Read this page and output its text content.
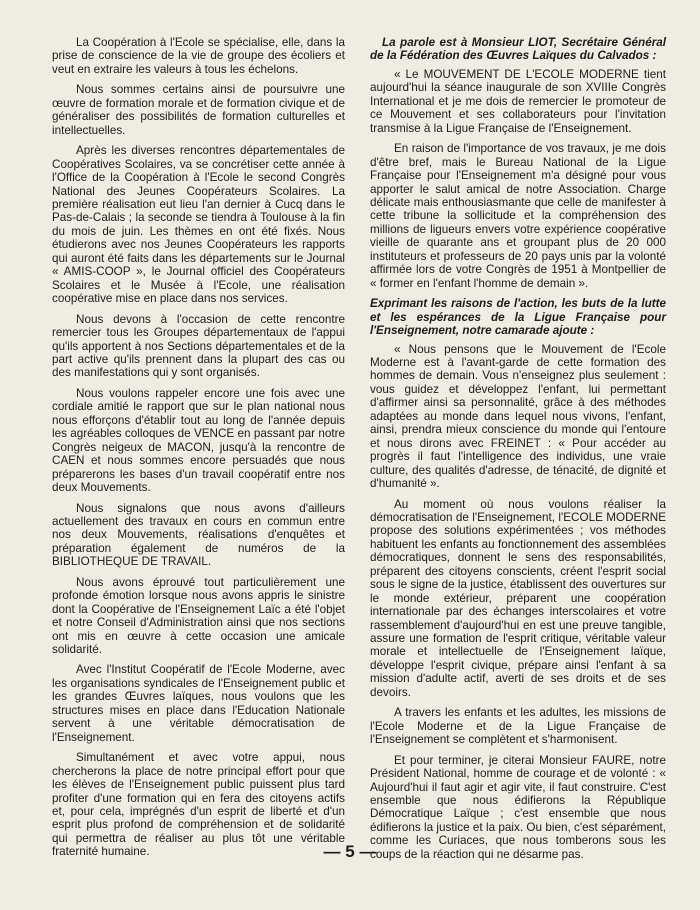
La Coopération à l'Ecole se spécialise, elle, dans la prise de conscience de la vie de groupe des écoliers et veut en extraire les valeurs à tous les échelons.

Nous sommes certains ainsi de poursuivre une œuvre de formation morale et de formation civique et de généraliser des possibilités de formation culturelles et intellectuelles.

Après les diverses rencontres départementales de Coopératives Scolaires, va se concrétiser cette année à l'Office de la Coopération à l'Ecole le second Congrès National des Jeunes Coopérateurs Scolaires. La première réalisation eut lieu l'an dernier à Cucq dans le Pas-de-Calais ; la seconde se tiendra à Toulouse à la fin du mois de juin. Les thèmes en ont été fixés. Nous étudierons avec nos Jeunes Coopérateurs les rapports qui auront été faits dans les départements sur le Journal « AMIS-COOP », le Journal officiel des Coopérateurs Scolaires et le Musée à l'Ecole, une réalisation coopérative mise en place dans nos services.

Nous devons à l'occasion de cette rencontre remercier tous les Groupes départementaux de l'appui qu'ils apportent à nos Sections départementales et de la part active qu'ils prennent dans la plupart des cas ou des manifestations qui y sont organisés.

Nous voulons rappeler encore une fois avec une cordiale amitié le rapport que sur le plan national nous nous efforçons d'établir tout au long de l'année depuis les agréables colloques de VENCE en passant par notre Congrès neigeux de MACON, jusqu'à la rencontre de CAEN et nous sommes encore persuadés que nous préparerons les bases d'un travail coopératif entre nos deux Mouvements.

Nous signalons que nous avons d'ailleurs actuellement des travaux en cours en commun entre nos deux Mouvements, réalisations d'enquêtes et préparation également de numéros de la BIBLIOTHEQUE DE TRAVAIL.

Nous avons éprouvé tout particulièrement une profonde émotion lorsque nous avons appris le sinistre dont la Coopérative de l'Enseignement Laïc a été l'objet et notre Conseil d'Administration ainsi que nos sections ont mis en œuvre à cette occasion une amicale solidarité.

Avec l'Institut Coopératif de l'Ecole Moderne, avec les organisations syndicales de l'Enseignement public et les grandes Œuvres laïques, nous voulons que les structures mises en place dans l'Education Nationale servent à une véritable démocratisation de l'Enseignement.

Simultanément et avec votre appui, nous chercherons la place de notre principal effort pour que les élèves de l'Enseignement public puissent plus tard profiter d'une formation qui en fera des citoyens actifs et, pour cela, imprégnés d'un esprit de liberté et d'un esprit plus profond de compréhension et de solidarité qui permettra de réaliser au plus tôt une véritable fraternité humaine.

La parole est à Monsieur LIOT, Secrétaire Général de la Fédération des Œuvres Laïques du Calvados :

« Le MOUVEMENT DE L'ECOLE MODERNE tient aujourd'hui la séance inaugurale de son XVIIIe Congrès International et je me dois de remercier le promoteur de ce Mouvement et ses collaborateurs pour l'invitation transmise à la Ligue Française de l'Enseignement.

En raison de l'importance de vos travaux, je me dois d'être bref, mais le Bureau National de la Ligue Française pour l'Enseignement m'a désigné pour vous apporter le salut amical de notre Association. Charge délicate mais enthousiasmante que celle de manifester à cette tribune la sollicitude et la compréhension des millions de ligueurs envers votre expérience coopérative vieille de quarante ans et groupant plus de 20 000 instituteurs et professeurs de 20 pays unis par la volonté affirmée lors de votre Congrès de 1951 à Montpellier de « former en l'enfant l'homme de demain ».

Exprimant les raisons de l'action, les buts de la lutte et les espérances de la Ligue Française pour l'Enseignement, notre camarade ajoute :

« Nous pensons que le Mouvement de l'Ecole Moderne est à l'avant-garde de cette formation des hommes de demain. Vous n'enseignez plus seulement : vous guidez et développez l'enfant, lui permettant d'affirmer ainsi sa personnalité, grâce à des méthodes adaptées au monde dans lequel nous vivons, l'enfant, ainsi, prendra mieux conscience du monde qui l'entoure et nous dirons avec FREINET : « Pour accéder au progrès il faut l'intelligence des individus, une vraie culture, des qualités d'adresse, de ténacité, de dignité et d'humanité ».

Au moment où nous voulons réaliser la démocratisation de l'Enseignement, l'ECOLE MODERNE propose des solutions expérimentées ; vos méthodes habituent les enfants au fonctionnement des assemblées démocratiques, donnent le sens des responsabilités, préparent des citoyens conscients, créent l'esprit social sous le signe de la justice, établissent des ouvertures sur le monde extérieur, préparent une coopération internationale par des échanges interscolaires et votre rassemblement d'aujourd'hui en est une preuve tangible, assure une formation de l'esprit critique, véritable valeur morale et intellectuelle de l'Enseignement laïque, développe l'esprit civique, prépare ainsi l'enfant à sa mission d'adulte actif, averti de ses droits et de ses devoirs.

A travers les enfants et les adultes, les missions de l'Ecole Moderne et de la Ligue Française de l'Enseignement se complètent et s'harmonisent.

Et pour terminer, je citerai Monsieur FAURE, notre Président National, homme de courage et de volonté : « Aujourd'hui il faut agir et agir vite, il faut construire. C'est ensemble que nous édifierons la République Démocratique Laïque ; c'est ensemble que nous édifierons la justice et la paix. Ou bien, c'est séparément, comme les Curiaces, que nous tomberons sous les coups de la réaction qui ne désarme pas.

— 5 —
